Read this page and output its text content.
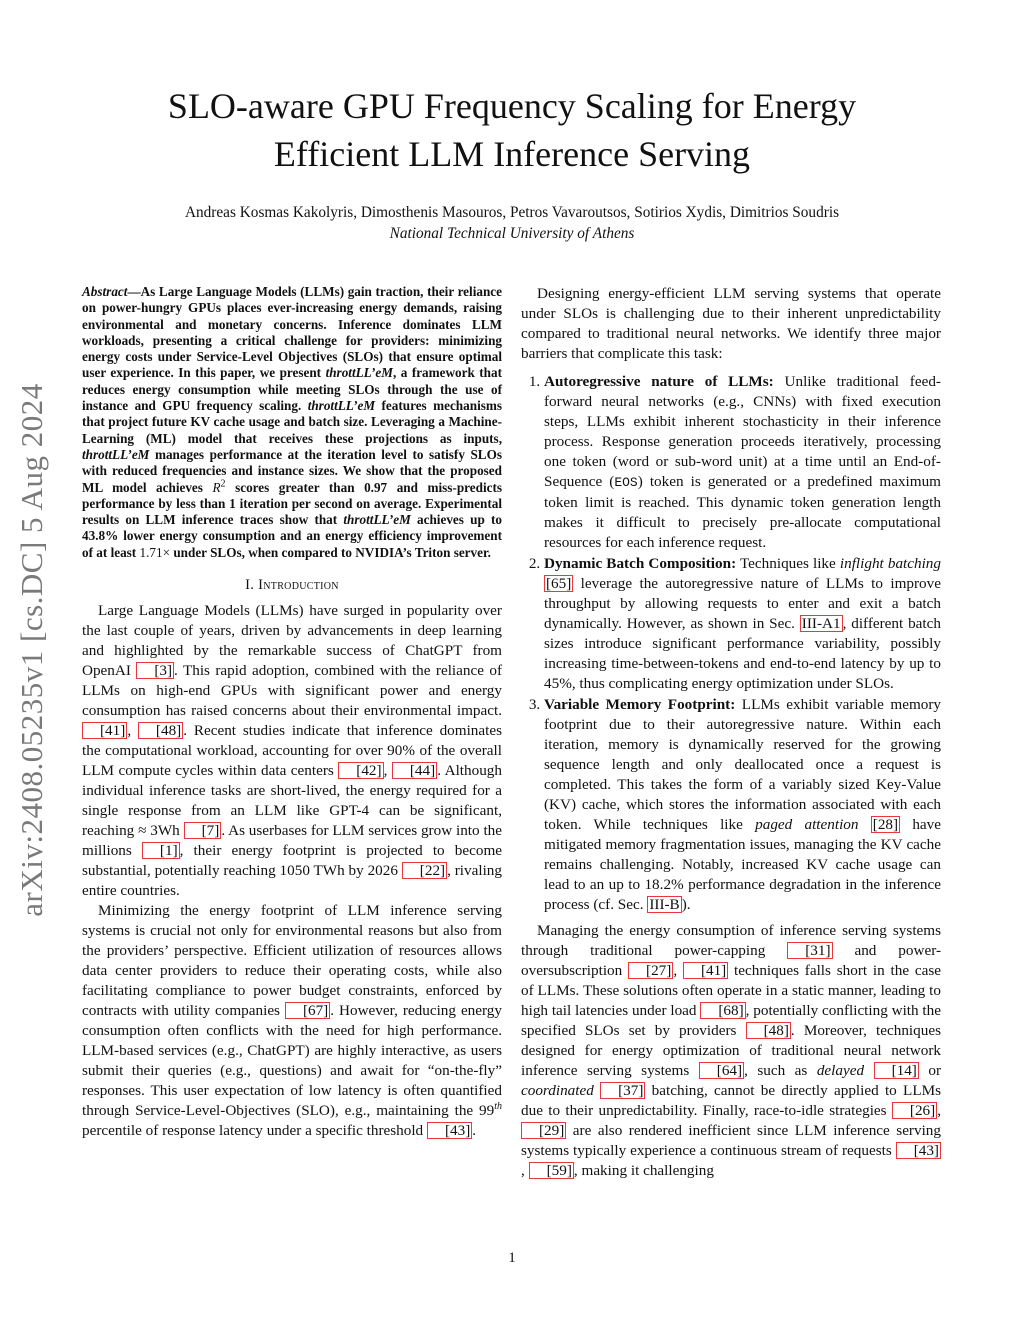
arXiv:2408.05235v1 [cs.DC] 5 Aug 2024
SLO-aware GPU Frequency Scaling for Energy
Efficient LLM Inference Serving
Andreas Kosmas Kakolyris, Dimosthenis Masouros, Petros Vavaroutsos, Sotirios Xydis, Dimitrios Soudris
National Technical University of Athens
Abstract—As Large Language Models (LLMs) gain traction, their reliance on power-hungry GPUs places ever-increasing energy demands, raising environmental and monetary concerns. Inference dominates LLM workloads, presenting a critical challenge for providers: minimizing energy costs under Service-Level Objectives (SLOs) that ensure optimal user experience. In this paper, we present throttLL’eM, a framework that reduces energy consumption while meeting SLOs through the use of instance and GPU frequency scaling. throttLL’eM features mechanisms that project future KV cache usage and batch size. Leveraging a Machine-Learning (ML) model that receives these projections as inputs, throttLL’eM manages performance at the iteration level to satisfy SLOs with reduced frequencies and instance sizes. We show that the proposed ML model achieves $R^2$ scores greater than 0.97 and miss-predicts performance by less than 1 iteration per second on average. Experimental results on LLM inference traces show that throttLL’eM achieves up to 43.8% lower energy consumption and an energy efficiency improvement of at least 1.71× under SLOs, when compared to NVIDIA’s Triton server.
I. Introduction

Large Language Models (LLMs) have surged in popularity over the last couple of years, driven by advancements in deep learning and highlighted by the remarkable success of ChatGPT from OpenAI [3] . This rapid adoption, combined with the reliance of LLMs on high-end GPUs with significant power and energy consumption has raised concerns about their environmental impact. [41] , [48] . Recent studies indicate that inference dominates the computational workload, accounting for over 90% of the overall LLM compute cycles within data centers [42] , [44] . Although individual inference tasks are short-lived, the energy required for a single response from an LLM like GPT-4 can be significant, reaching ≈ 3Wh [7] . As userbases for LLM services grow into the millions [1] , their energy footprint is projected to become substantial, potentially reaching 1050 TWh by 2026 [22] , rivaling entire countries.

Minimizing the energy footprint of LLM inference serving systems is crucial not only for environmental reasons but also from the providers’ perspective. Efficient utilization of resources allows data center providers to reduce their operating costs, while also facilitating compliance to power budget constraints, enforced by contracts with utility companies [67] . However, reducing energy consumption often conflicts with the need for high performance. LLM-based services (e.g., ChatGPT) are highly interactive, as users submit their queries (e.g., questions) and await for “on-the-fly” responses. This user expectation of low latency is often quantified through Service-Level-Objectives (SLO), e.g., maintaining the 99th percentile of response latency under a specific threshold [43] .

Designing energy-efficient LLM serving systems that operate under SLOs is challenging due to their inherent unpredictability compared to traditional neural networks. We identify three major barriers that complicate this task:

1. Autoregressive nature of LLMs: Unlike traditional feed-forward neural networks (e.g., CNNs) with fixed execution steps, LLMs exhibit inherent stochasticity in their inference process. Response generation proceeds iteratively, processing one token (word or sub-word unit) at a time until an End-of-Sequence (EOS) token is generated or a predefined maximum token limit is reached. This dynamic token generation length makes it difficult to precisely pre-allocate computational resources for each inference request.
2. Dynamic Batch Composition: Techniques like inflight batching [65] leverage the autoregressive nature of LLMs to improve throughput by allowing requests to enter and exit a batch dynamically. However, as shown in Sec. III-A1 , different batch sizes introduce significant performance variability, possibly increasing time-between-tokens and end-to-end latency by up to 45%, thus complicating energy optimization under SLOs.
3. Variable Memory Footprint: LLMs exhibit variable memory footprint due to their autoregressive nature. Within each iteration, memory is dynamically reserved for the growing sequence length and only deallocated once a request is completed. This takes the form of a variably sized Key-Value (KV) cache, which stores the information associated with each token. While techniques like paged attention [28] have mitigated memory fragmentation issues, managing the KV cache remains challenging. Notably, increased KV cache usage can lead to an up to 18.2% performance degradation in the inference process (cf. Sec. III-B ).

Managing the energy consumption of inference serving systems through traditional power-capping [31] and power-oversubscription [27] , [41] techniques falls short in the case of LLMs. These solutions often operate in a static manner, leading to high tail latencies under load [68] , potentially conflicting with the specified SLOs set by providers [48] . Moreover, techniques designed for energy optimization of traditional neural network inference serving systems [64] , such as delayed [14] or coordinated [37] batching, cannot be directly applied to LLMs due to their unpredictability. Finally, race-to-idle strategies [26] , [29] are also rendered inefficient since LLM inference serving systems typically experience a continuous stream of requests [43], [59] , making it challenging

1
